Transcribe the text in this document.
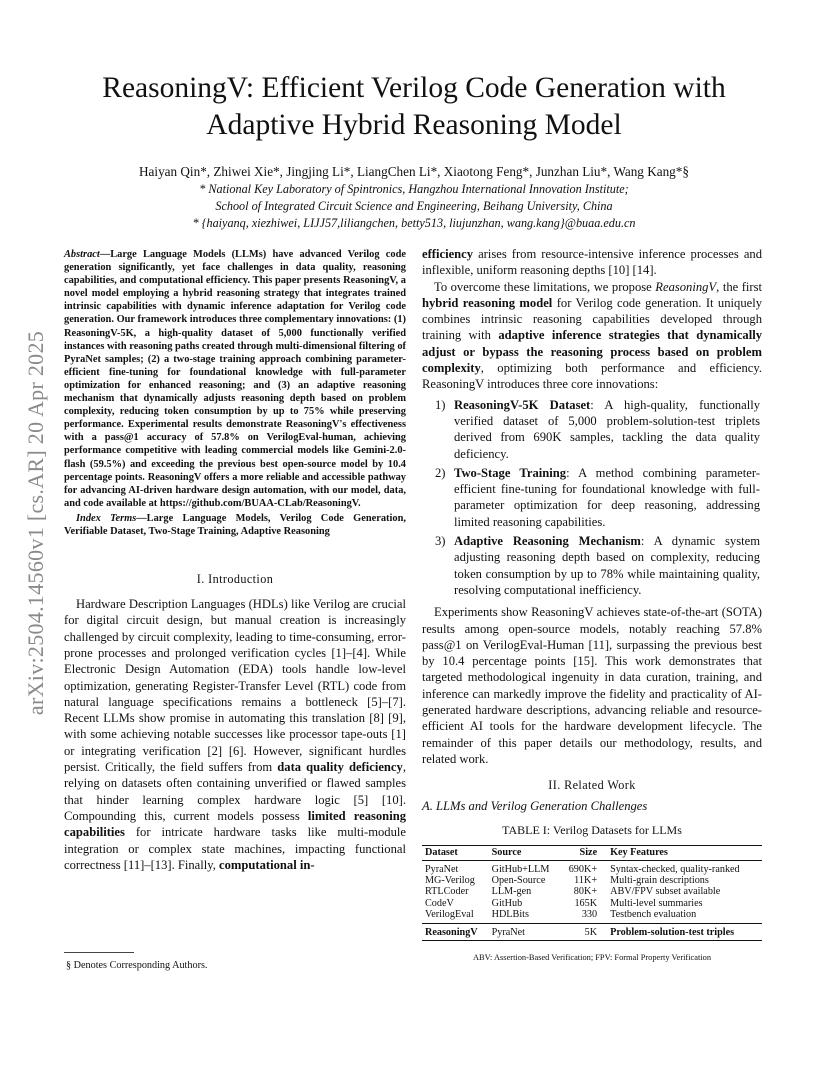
arXiv:2504.14560v1 [cs.AR] 20 Apr 2025
ReasoningV: Efficient Verilog Code Generation with
Adaptive Hybrid Reasoning Model
Haiyan Qin*, Zhiwei Xie*, Jingjing Li*, LiangChen Li*, Xiaotong Feng*, Junzhan Liu*, Wang Kang*§
* National Key Laboratory of Spintronics, Hangzhou International Innovation Institute;
School of Integrated Circuit Science and Engineering, Beihang University, China
* {haiyanq, xiezhiwei, LIJJ57,liliangchen, betty513, liujunzhan, wang.kang}@buaa.edu.cn

Abstract—Large Language Models (LLMs) have advanced Verilog code generation significantly, yet face challenges in data quality, reasoning capabilities, and computational efficiency. This paper presents ReasoningV, a novel model employing a hybrid reasoning strategy that integrates trained intrinsic capabilities with dynamic inference adaptation for Verilog code generation. Our framework introduces three complementary innovations: (1) ReasoningV-5K, a high-quality dataset of 5,000 functionally verified instances with reasoning paths created through multi-dimensional filtering of PyraNet samples; (2) a two-stage training approach combining parameter-efficient fine-tuning for foundational knowledge with full-parameter optimization for enhanced reasoning; and (3) an adaptive reasoning mechanism that dynamically adjusts reasoning depth based on problem complexity, reducing token consumption by up to 75% while preserving performance. Experimental results demonstrate ReasoningV's effectiveness with a pass@1 accuracy of 57.8% on VerilogEval-human, achieving performance competitive with leading commercial models like Gemini-2.0-flash (59.5%) and exceeding the previous best open-source model by 10.4 percentage points. ReasoningV offers a more reliable and accessible pathway for advancing AI-driven hardware design automation, with our model, data, and code available at https://github.com/BUAA-CLab/ReasoningV.

Index Terms—Large Language Models, Verilog Code Generation, Verifiable Dataset, Two-Stage Training, Adaptive Reasoning

I. Introduction

Hardware Description Languages (HDLs) like Verilog are crucial for digital circuit design, but manual creation is increasingly challenged by circuit complexity, leading to time-consuming, error-prone processes and prolonged verification cycles [1]–[4]. While Electronic Design Automation (EDA) tools handle low-level optimization, generating Register-Transfer Level (RTL) code from natural language specifications remains a bottleneck [5]–[7]. Recent LLMs show promise in automating this translation [8] [9], with some achieving notable successes like processor tape-outs [1] or integrating verification [2] [6]. However, significant hurdles persist. Critically, the field suffers from data quality deficiency, relying on datasets often containing unverified or flawed samples that hinder learning complex hardware logic [5] [10]. Compounding this, current models possess limited reasoning capabilities for intricate hardware tasks like multi-module integration or complex state machines, impacting functional correctness [11]–[13]. Finally, computational in-

§ Denotes Corresponding Authors.

efficiency arises from resource-intensive inference processes and inflexible, uniform reasoning depths [10] [14].

To overcome these limitations, we propose ReasoningV, the first hybrid reasoning model for Verilog code generation. It uniquely combines intrinsic reasoning capabilities developed through training with adaptive inference strategies that dynamically adjust or bypass the reasoning process based on problem complexity, optimizing both performance and efficiency. ReasoningV introduces three core innovations:

1) ReasoningV-5K Dataset: A high-quality, functionally verified dataset of 5,000 problem-solution-test triplets derived from 690K samples, tackling the data quality deficiency.
2) Two-Stage Training: A method combining parameter-efficient fine-tuning for foundational knowledge with full-parameter optimization for deep reasoning, addressing limited reasoning capabilities.
3) Adaptive Reasoning Mechanism: A dynamic system adjusting reasoning depth based on complexity, reducing token consumption by up to 78% while maintaining quality, resolving computational inefficiency.

Experiments show ReasoningV achieves state-of-the-art (SOTA) results among open-source models, notably reaching 57.8% pass@1 on VerilogEval-Human [11], surpassing the previous best by 10.4 percentage points [15]. This work demonstrates that targeted methodological ingenuity in data curation, training, and inference can markedly improve the fidelity and practicality of AI-generated hardware descriptions, advancing reliable and resource-efficient AI tools for the hardware development lifecycle. The remainder of this paper details our methodology, results, and related work.

II. Related Work

A. LLMs and Verilog Generation Challenges

TABLE I: Verilog Datasets for LLMs
Dataset	Source	Size	Key Features
PyraNet	GitHub+LLM	690K+	Syntax-checked, quality-ranked
MG-Verilog	Open-Source	11K+	Multi-grain descriptions
RTLCoder	LLM-gen	80K+	ABV/FPV subset available
CodeV	GitHub	165K	Multi-level summaries
VerilogEval	HDLBits	330	Testbench evaluation
ReasoningV	PyraNet	5K	Problem-solution-test triples
ABV: Assertion-Based Verification; FPV: Formal Property Verification
